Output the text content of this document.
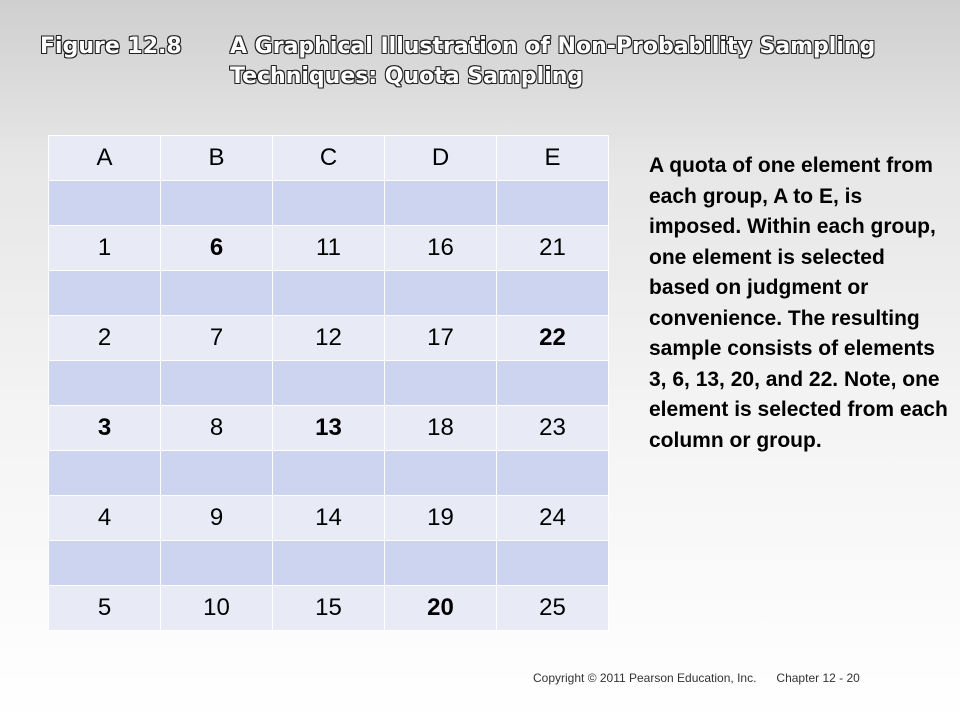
Figure 12.8	A Graphical Illustration of Non-Probability Sampling Techniques: Quota Sampling
A	B	C	D	E

1	6	11	16	21

2	7	12	17	22

3	8	13	18	23

4	9	14	19	24

5	10	15	20	25
A quota of one element from each group, A to E, is imposed. Within each group, one element is selected based on judgment or convenience. The resulting sample consists of elements 3, 6, 13, 20, and 22. Note, one element is selected from each column or group.
Copyright © 2011 Pearson Education, Inc. Chapter 12 - 20
